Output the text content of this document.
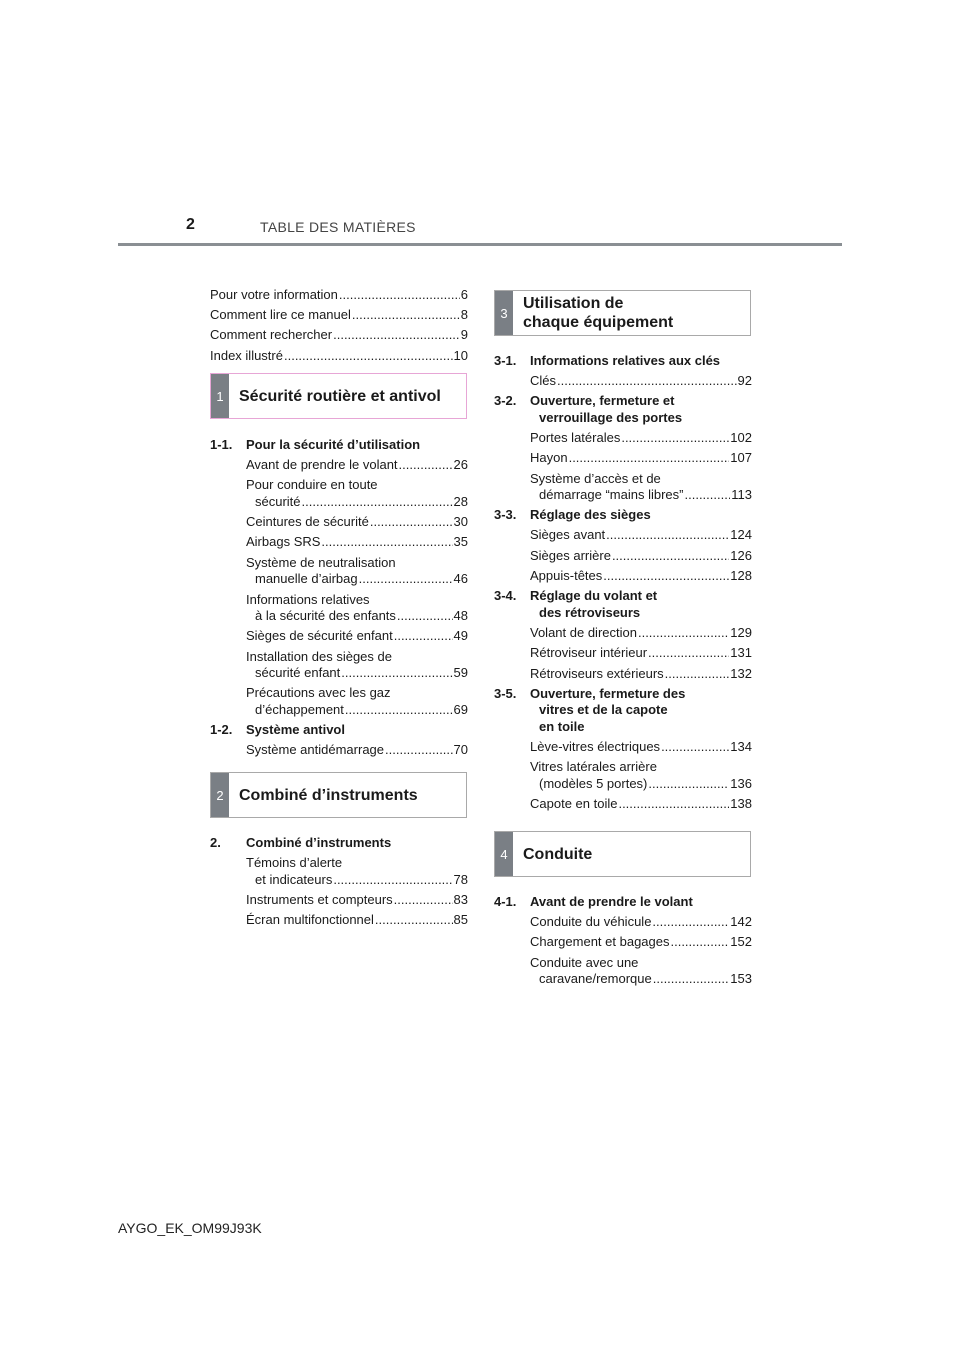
2	TABLE DES MATIÈRES
Pour votre information .....	6
Comment lire ce manuel .....	8
Comment rechercher .....	9
Index illustré .....	10
1 Sécurité routière et antivol
1-1.	Pour la sécurité d’utilisation
Avant de prendre le volant .....	26
Pour conduire en toute
sécurité .....	28
Ceintures de sécurité .....	30
Airbags SRS .....	35
Système de neutralisation
manuelle d’airbag .....	46
Informations relatives
à la sécurité des enfants .....	48
Sièges de sécurité enfant .....	49
Installation des sièges de
sécurité enfant .....	59
Précautions avec les gaz
d’échappement .....	69
1-2.	Système antivol
Système antidémarrage .....	70
2 Combiné d’instruments
2.	Combiné d’instruments
Témoins d’alerte
et indicateurs .....	78
Instruments et compteurs .....	83
Écran multifonctionnel .....	85
3
Utilisation de
chaque équipement
3-1.	Informations relatives aux clés
Clés .....	92
3-2.	Ouverture, fermeture et
verrouillage des portes
Portes latérales .....	102
Hayon .....	107
Système d’accès et de
démarrage “mains libres” .....	113
3-3.	Réglage des sièges
Sièges avant .....	124
Sièges arrière .....	126
Appuis-têtes .....	128
3-4.	Réglage du volant et
des rétroviseurs
Volant de direction .....	129
Rétroviseur intérieur .....	131
Rétroviseurs extérieurs .....	132
3-5.	Ouverture, fermeture des
vitres et de la capote
en toile
Lève-vitres électriques .....	134
Vitres latérales arrière
(modèles 5 portes) .....	136
Capote en toile .....	138
4 Conduite
4-1.	Avant de prendre le volant
Conduite du véhicule .....	142
Chargement et bagages .....	152
Conduite avec une
caravane/remorque .....	153
AYGO_EK_OM99J93K
